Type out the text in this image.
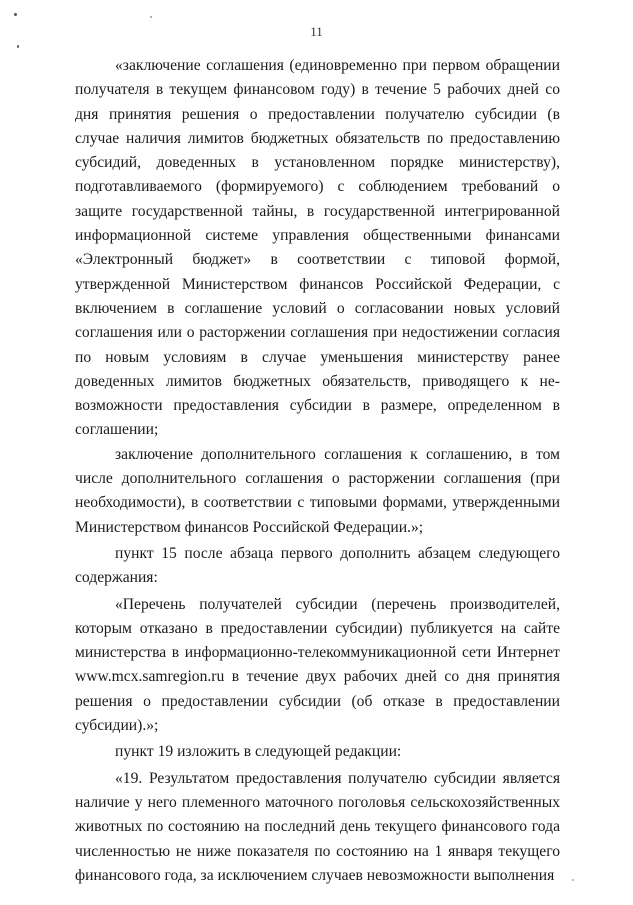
11

«заключение соглашения (единовременно при первом обращении получателя в текущем финансовом году) в течение 5 рабочих дней со дня принятия решения о предоставлении получателю субсидии (в случае наличия лимитов бюджетных обязательств по предоставлению субсидий, доведенных в установленном порядке министерству), подготавливаемого (формируемого) с соблюдением требований о защите государственной тайны, в государственной интегрированной информационной системе управления общественными финансами «Электронный бюджет» в соответствии с типовой формой, утвержденной Министерством финансов Российской Федерации, с включением в соглашение условий о согласовании новых условий соглашения или о расторжении соглашения при недостижении согласия по новым условиям в случае уменьшения министерству ранее доведенных лимитов бюджетных обязательств, приводящего к невозможности предоставления субсидии в размере, определенном в соглашении;

заключение дополнительного соглашения к соглашению, в том числе дополнительного соглашения о расторжении соглашения (при необходимости), в соответствии с типовыми формами, утвержденными Министерством финансов Российской Федерации.»;

пункт 15 после абзаца первого дополнить абзацем следующего содержания:

«Перечень получателей субсидии (перечень производителей, которым отказано в предоставлении субсидии) публикуется на сайте министерства в информационно-телекоммуникационной сети Интернет www.mcx.samregion.ru в течение двух рабочих дней со дня принятия решения о предоставлении субсидии (об отказе в предоставлении субсидии).»;

пункт 19 изложить в следующей редакции:

«19. Результатом предоставления получателю субсидии является наличие у него племенного маточного поголовья сельскохозяйственных животных по состоянию на последний день текущего финансового года численностью не ниже показателя по состоянию на 1 января текущего финансового года, за исключением случаев невозможности выполнения
